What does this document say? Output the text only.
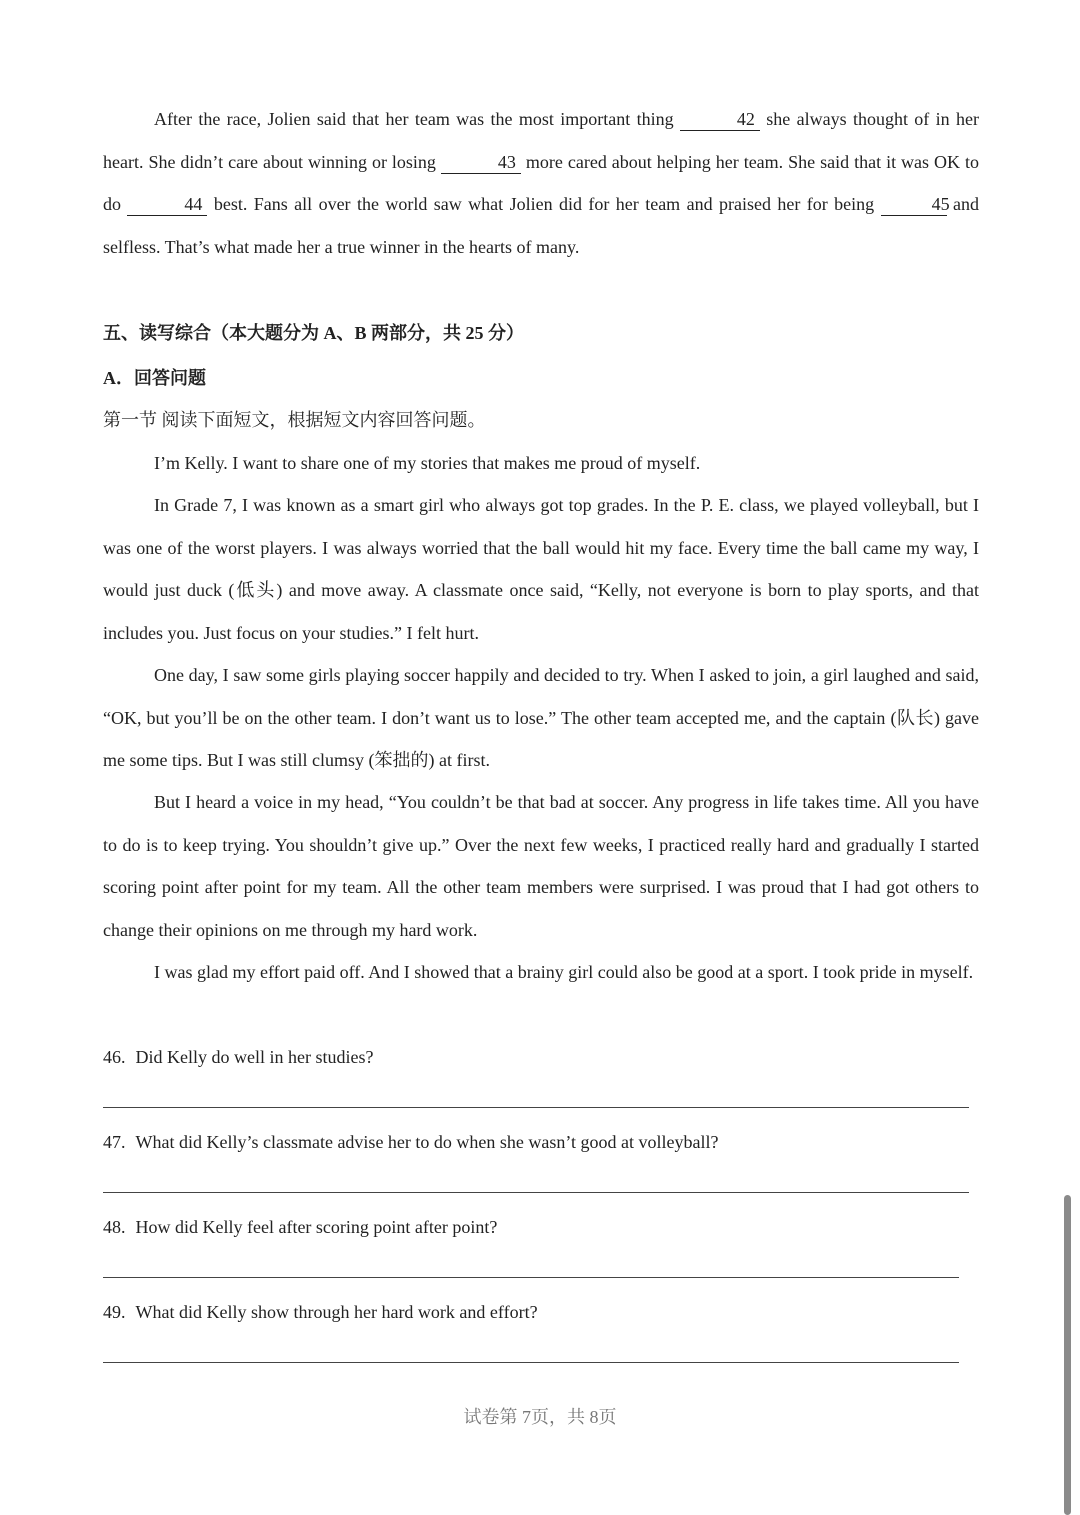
After the race, Jolien said that her team was the most important thing	42 she always thought of in her heart. She didn’t care about winning or losing	43 more cared about helping her team. She said that it was OK to do	44 best. Fans all over the world saw what Jolien did for her team and praised her for being	45 and selfless. That’s what made her a true winner in the hearts of many.

五、读写综合（本大题分为 A、B 两部分，共 25 分）

A．回答问题

第一节 阅读下面短文，根据短文内容回答问题。

I’m Kelly. I want to share one of my stories that makes me proud of myself.

In Grade 7, I was known as a smart girl who always got top grades. In the P. E. class, we played volleyball, but I was one of the worst players. I was always worried that the ball would hit my face. Every time the ball came my way, I would just duck (低头) and move away. A classmate once said, “Kelly, not everyone is born to play sports, and that includes you. Just focus on your studies.” I felt hurt.

One day, I saw some girls playing soccer happily and decided to try. When I asked to join, a girl laughed and said, “OK, but you’ll be on the other team. I don’t want us to lose.” The other team accepted me, and the captain (队长) gave me some tips. But I was still clumsy (笨拙的) at first.

But I heard a voice in my head, “You couldn’t be that bad at soccer. Any progress in life takes time. All you have to do is to keep trying. You shouldn’t give up.” Over the next few weeks, I practiced really hard and gradually I started scoring point after point for my team. All the other team members were surprised. I was proud that I had got others to change their opinions on me through my hard work.

I was glad my effort paid off. And I showed that a brainy girl could also be good at a sport. I took pride in myself.

46. Did Kelly do well in her studies?

47. What did Kelly’s classmate advise her to do when she wasn’t good at volleyball?

48. How did Kelly feel after scoring point after point?

49. What did Kelly show through her hard work and effort?

试卷第 7页，共 8页
